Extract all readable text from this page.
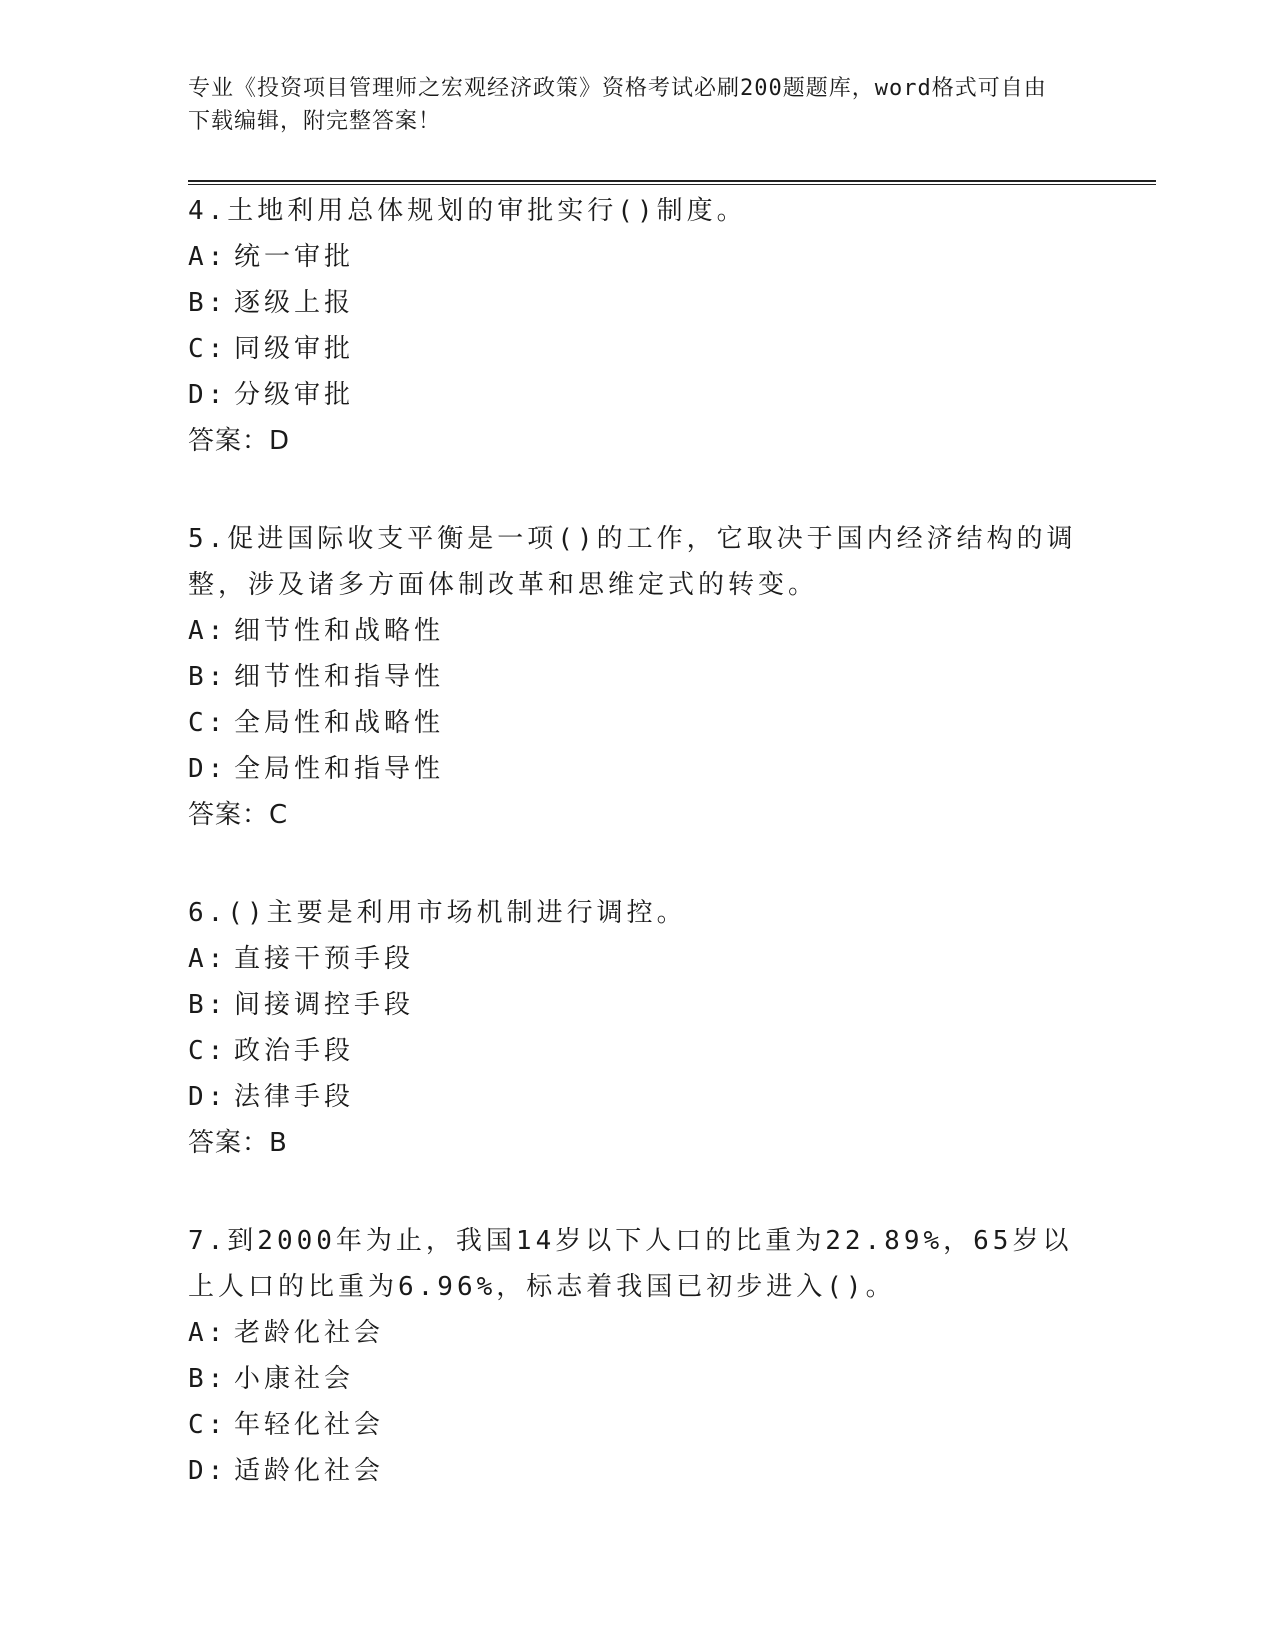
专业《投资项目管理师之宏观经济政策》资格考试必刷200题题库，word格式可自由下载编辑，附完整答案！
4.土地利用总体规划的审批实行()制度。
A: 统一审批
B: 逐级上报
C: 同级审批
D: 分级审批
答案：D
5.促进国际收支平衡是一项()的工作，它取决于国内经济结构的调整，涉及诸多方面体制改革和思维定式的转变。
A: 细节性和战略性
B: 细节性和指导性
C: 全局性和战略性
D: 全局性和指导性
答案：C
6.()主要是利用市场机制进行调控。
A: 直接干预手段
B: 间接调控手段
C: 政治手段
D: 法律手段
答案：B
7.到2000年为止，我国14岁以下人口的比重为22.89%，65岁以上人口的比重为6.96%，标志着我国已初步进入()。
A: 老龄化社会
B: 小康社会
C: 年轻化社会
D: 适龄化社会
